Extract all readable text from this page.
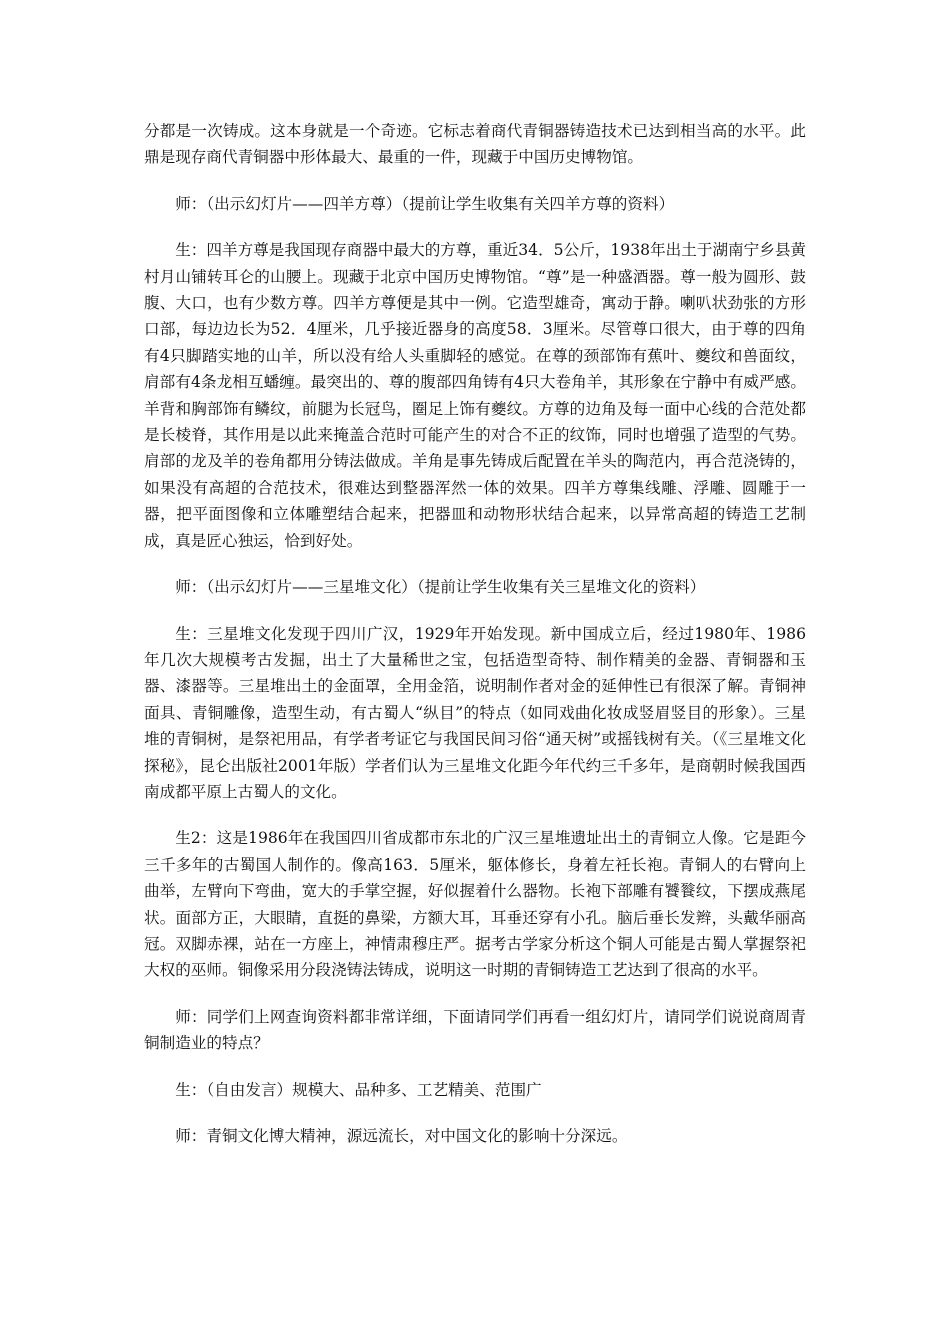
分都是一次铸成。这本身就是一个奇迹。它标志着商代青铜器铸造技术已达到相当高的水平。此鼎是现存商代青铜器中形体最大、最重的一件，现藏于中国历史博物馆。

师：（出示幻灯片——四羊方尊）（提前让学生收集有关四羊方尊的资料）

生：四羊方尊是我国现存商器中最大的方尊，重近34．5公斤，1938年出土于湖南宁乡县黄村月山铺转耳仑的山腰上。现藏于北京中国历史博物馆。“尊”是一种盛酒器。尊一般为圆形、鼓腹、大口，也有少数方尊。四羊方尊便是其中一例。它造型雄奇，寓动于静。喇叭状劲张的方形口部，每边边长为52．4厘米，几乎接近器身的高度58．3厘米。尽管尊口很大，由于尊的四角有4只脚踏实地的山羊，所以没有给人头重脚轻的感觉。在尊的颈部饰有蕉叶、夔纹和兽面纹，肩部有4条龙相互蟠缠。最突出的、尊的腹部四角铸有4只大卷角羊，其形象在宁静中有威严感。羊背和胸部饰有鳞纹，前腿为长冠鸟，圈足上饰有夔纹。方尊的边角及每一面中心线的合范处都是长棱脊，其作用是以此来掩盖合范时可能产生的对合不正的纹饰，同时也增强了造型的气势。肩部的龙及羊的卷角都用分铸法做成。羊角是事先铸成后配置在羊头的陶范内，再合范浇铸的，如果没有高超的合范技术，很难达到整器浑然一体的效果。四羊方尊集线雕、浮雕、圆雕于一器，把平面图像和立体雕塑结合起来，把器皿和动物形状结合起来，以异常高超的铸造工艺制成，真是匠心独运，恰到好处。

师：（出示幻灯片——三星堆文化）（提前让学生收集有关三星堆文化的资料）

生：三星堆文化发现于四川广汉，1929年开始发现。新中国成立后，经过1980年、1986年几次大规模考古发掘，出土了大量稀世之宝，包括造型奇特、制作精美的金器、青铜器和玉器、漆器等。三星堆出土的金面罩，全用金箔，说明制作者对金的延伸性已有很深了解。青铜神面具、青铜雕像，造型生动，有古蜀人“纵目”的特点（如同戏曲化妆成竖眉竖目的形象）。三星堆的青铜树，是祭祀用品，有学者考证它与我国民间习俗“通天树”或摇钱树有关。（《三星堆文化探秘》，昆仑出版社2001年版）学者们认为三星堆文化距今年代约三千多年，是商朝时候我国西南成都平原上古蜀人的文化。

生2：这是1986年在我国四川省成都市东北的广汉三星堆遗址出土的青铜立人像。它是距今三千多年的古蜀国人制作的。像高163．5厘米，躯体修长，身着左衽长袍。青铜人的右臂向上曲举，左臂向下弯曲，宽大的手掌空握，好似握着什么器物。长袍下部雕有饕餮纹，下摆成燕尾状。面部方正，大眼睛，直挺的鼻梁，方额大耳，耳垂还穿有小孔。脑后垂长发辫，头戴华丽高冠。双脚赤裸，站在一方座上，神情肃穆庄严。据考古学家分析这个铜人可能是古蜀人掌握祭祀大权的巫师。铜像采用分段浇铸法铸成，说明这一时期的青铜铸造工艺达到了很高的水平。

师：同学们上网查询资料都非常详细，下面请同学们再看一组幻灯片，请同学们说说商周青铜制造业的特点？

生：（自由发言）规模大、品种多、工艺精美、范围广

师：青铜文化博大精神，源远流长，对中国文化的影响十分深远。
